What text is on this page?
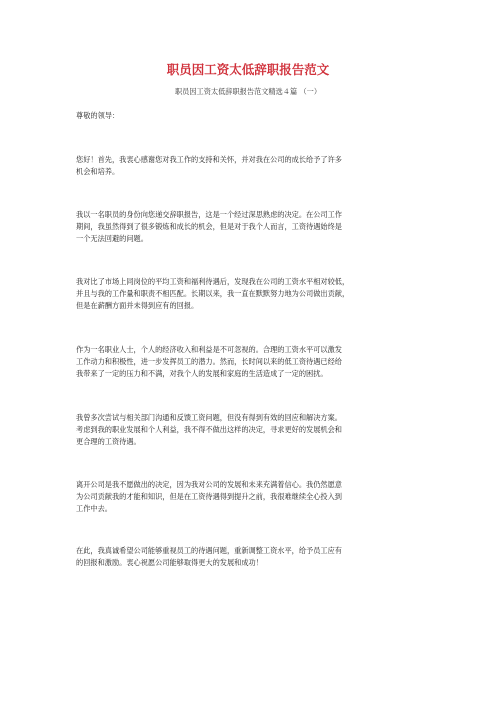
职员因工资太低辞职报告范文
职员因工资太低辞职报告范文精选４篇 （一）
尊敬的领导：
您好！首先，我衷心感谢您对我工作的支持和关怀，并对我在公司的成长给予了许多
机会和培养。
我以一名职员的身份向您递交辞职报告，这是一个经过深思熟虑的决定。在公司工作
期间，我虽然得到了很多锻炼和成长的机会，但是对于我个人而言，工资待遇始终是
一个无法回避的问题。
我对比了市场上同岗位的平均工资和福利待遇后，发现我在公司的工资水平相对较低，
并且与我的工作量和职责不相匹配。长期以来，我一直在默默努力地为公司做出贡献，
但是在薪酬方面并未得到应有的回报。
作为一名职业人士，个人的经济收入和利益是不可忽视的。合理的工资水平可以激发
工作动力和积极性，进一步发挥员工的潜力。然而，长时间以来的低工资待遇已经给
我带来了一定的压力和不满，对我个人的发展和家庭的生活造成了一定的困扰。
我曾多次尝试与相关部门沟通和反馈工资问题，但没有得到有效的回应和解决方案。
考虑到我的职业发展和个人利益，我不得不做出这样的决定，寻求更好的发展机会和
更合理的工资待遇。
离开公司是我不愿做出的决定，因为我对公司的发展和未来充满着信心。我仍然愿意
为公司贡献我的才能和知识，但是在工资待遇得到提升之前，我很难继续全心投入到
工作中去。
在此，我真诚希望公司能够重视员工的待遇问题，重新调整工资水平，给予员工应有
的回报和激励。衷心祝愿公司能够取得更大的发展和成功！
